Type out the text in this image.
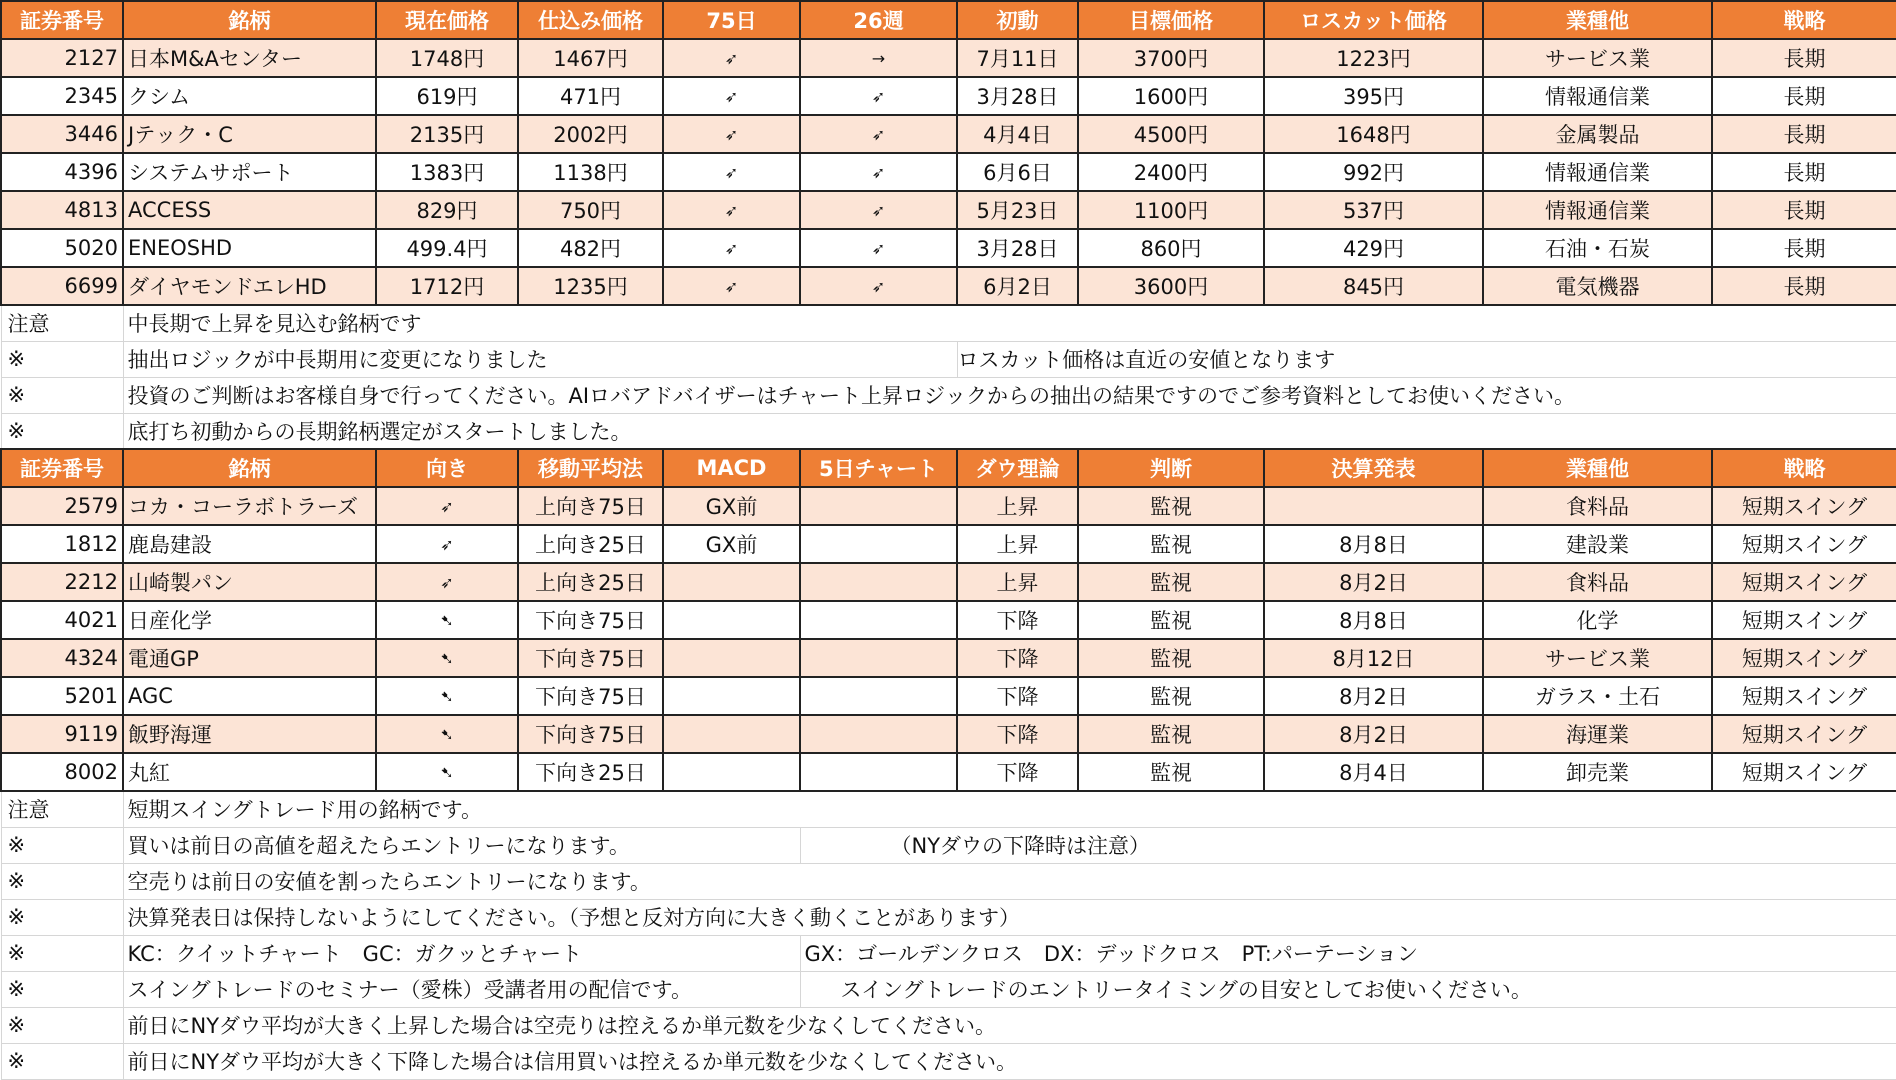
証券番号	銘柄	現在価格	仕込み価格	75日	26週	初動	目標価格	ロスカット価格	業種他	戦略
2127	日本M&Aセンター	1748円	1467円	➶	→	7月11日	3700円	1223円	サービス業	長期
2345	クシム	619円	471円	➶	➶	3月28日	1600円	395円	情報通信業	長期
3446	Jテック・C	2135円	2002円	➶	➶	4月4日	4500円	1648円	金属製品	長期
4396	システムサポート	1383円	1138円	➶	➶	6月6日	2400円	992円	情報通信業	長期
4813	ACCESS	829円	750円	➶	➶	5月23日	1100円	537円	情報通信業	長期
5020	ENEOSHD	499.4円	482円	➶	➶	3月28日	860円	429円	石油・石炭	長期
6699	ダイヤモンドエレHD	1712円	1235円	➶	➶	6月2日	3600円	845円	電気機器	長期
注意	中長期で上昇を見込む銘柄です									
※	抽出ロジックが中長期用に変更になりました					ロスカット価格は直近の安値となります				
※	投資のご判断はお客様自身で行ってください。AIロバアドバイザーはチャート上昇ロジックからの抽出の結果ですのでご参考資料としてお使いください。									
※	底打ち初動からの長期銘柄選定がスタートしました。									
証券番号	銘柄	向き	移動平均法	MACD	5日チャート	ダウ理論	判断	決算発表	業種他	戦略
2579	コカ・コーラボトラーズ	➶	上向き75日	GX前		上昇	監視		食料品	短期スイング
1812	鹿島建設	➶	上向き25日	GX前		上昇	監視	8月8日	建設業	短期スイング
2212	山崎製パン	➶	上向き25日			上昇	監視	8月2日	食料品	短期スイング
4021	日産化学	➷	下向き75日			下降	監視	8月8日	化学	短期スイング
4324	電通GP	➷	下向き75日			下降	監視	8月12日	サービス業	短期スイング
5201	AGC	➷	下向き75日			下降	監視	8月2日	ガラス・土石	短期スイング
9119	飯野海運	➷	下向き75日			下降	監視	8月2日	海運業	短期スイング
8002	丸紅	➷	下向き25日			下降	監視	8月4日	卸売業	短期スイング
注意	短期スイングトレード用の銘柄です。									
※	買いは前日の高値を超えたらエントリーになります。				（NYダウの下降時は注意）					
※	空売りは前日の安値を割ったらエントリーになります。									
※	決算発表日は保持しないようにしてください。（予想と反対方向に大きく動くことがあります）									
※	KC：クイットチャート　GC：ガクッとチャート				GX：ゴールデンクロス　DX：デッドクロス　PT:パーテーション					
※	スイングトレードのセミナー（愛株）受講者用の配信です。				スイングトレードのエントリータイミングの目安としてお使いください。					
※	前日にNYダウ平均が大きく上昇した場合は空売りは控えるか単元数を少なくしてください。									
※	前日にNYダウ平均が大きく下降した場合は信用買いは控えるか単元数を少なくしてください。									
